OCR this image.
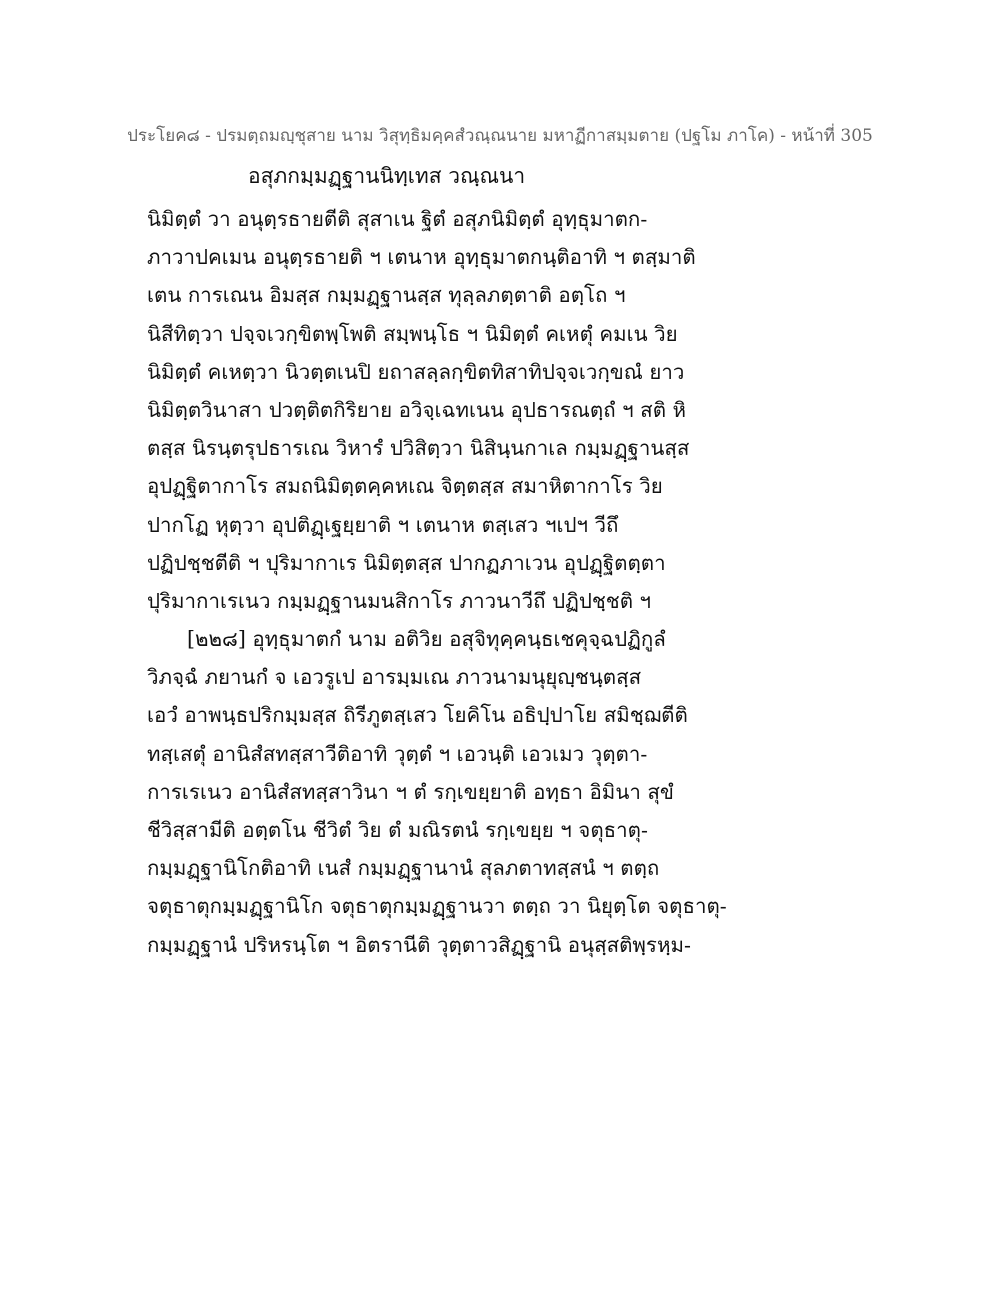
ประโยค๘ - ปรมตฺถมญฺชุสาย นาม วิสุทฺธิมคฺคสํวณฺณนาย มหาฏีกาสมฺมตาย (ปฐโม ภาโค) - หน้าที่ 305
อสุภกมฺมฏฺฐานนิทฺเทส วณฺณนา
นิมิตฺตํ วา อนุตฺรธายตีติ สุสาเน ฐิตํ อสุภนิมิตฺตํ อุทฺธุมาตก-
ภาวาปคเมน อนุตฺรธายติ ฯ เตนาห อุทฺธุมาตกนฺติอาทิ ฯ ตสฺมาติ
เตน การเณน อิมสฺส กมฺมฏฺฐานสฺส ทุลฺลภตฺตาติ อตฺโถ ฯ
นิสีทิตฺวา ปจฺจเวกฺขิตพฺโพติ สมฺพนฺโธ ฯ นิมิตฺตํ คเหตุํ คมเน วิย
นิมิตฺตํ คเหตฺวา นิวตฺตเนปิ ยถาสลฺลกฺขิตทิสาทิปจฺจเวกฺขณํ ยาว
นิมิตฺตวินาสา ปวตฺติตกิริยาย อวิจฺเฉทเนน อุปธารณตฺถํ ฯ สติ หิ
ตสฺส นิรนฺตรุปธารเณ วิหารํ ปวิสิตฺวา นิสินฺนกาเล กมฺมฏฺฐานสฺส
อุปฏฺฐิตากาโร สมถนิมิตฺตคฺคหเณ จิตฺตสฺส สมาหิตากาโร วิย
ปากโฏ หุตฺวา อุปติฏฺเฐยฺยาติ ฯ เตนาห ตสฺเสว ฯเปฯ วีถึ
ปฏิปชฺชตีติ ฯ ปุริมากาเร นิมิตฺตสฺส ปากฏภาเวน อุปฏฺฐิตตฺตา
ปุริมากาเรเนว กมฺมฏฺฐานมนสิกาโร ภาวนาวีถึ ปฏิปชฺชติ ฯ
[๒๒๘] อุทฺธุมาตกํ นาม อติวิย อสุจิทุคฺคนฺธเชคุจฺฉปฏิกูลํ
วิภจฺฉํ ภยานกํ จ เอวรูเป อารมฺมเณ ภาวนามนุยุญฺชนฺตสฺส
เอวํ อาพนฺธปริกมฺมสฺส ถิรีภูตสฺเสว โยคิโน อธิปฺปาโย สมิชฺฌตีติ
ทสฺเสตุํ อานิสํสทสฺสาวีติอาทิ วุตฺตํ ฯ เอวนฺติ เอวเมว วุตฺตา-
การเรเนว อานิสํสทสฺสาวินา ฯ ตํ รกฺเขยฺยาติ อทฺธา อิมินา สุขํ
ชีวิสฺสามีติ อตฺตโน ชีวิตํ วิย ตํ มณิรตนํ รกฺเขยฺย ฯ จตุธาตุ-
กมฺมฏฺฐานิโกติอาทิ เนสํ กมฺมฏฺฐานานํ สุลภตาทสฺสนํ ฯ ตตฺถ
จตุธาตุกมฺมฏฺฐานิโก จตุธาตุกมฺมฏฺฐานวา ตตฺถ วา นิยุตฺโต จตุธาตุ-
กมฺมฏฺฐานํ ปริหรนฺโต ฯ อิตรานีติ วุตฺตาวสิฏฺฐานิ อนุสฺสติพฺรหฺม-
